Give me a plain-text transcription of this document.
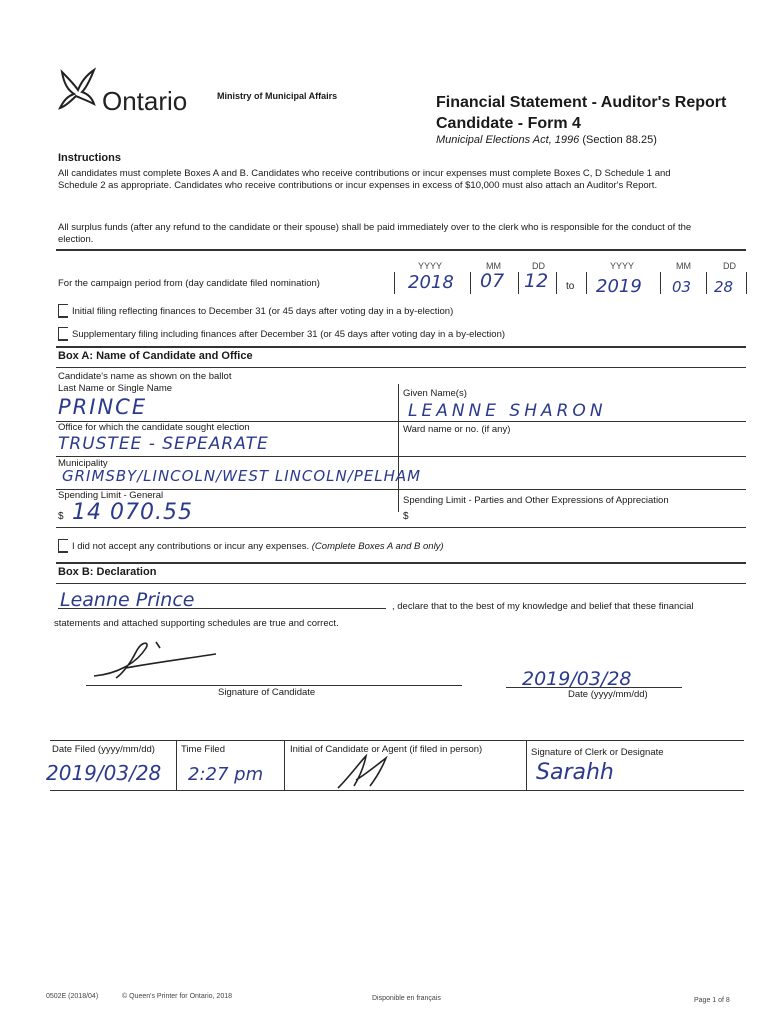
Ontario	Ministry of Municipal Affairs	Financial Statement - Auditor's Report
Candidate - Form 4
Municipal Elections Act, 1996 (Section 88.25)
Instructions
All candidates must complete Boxes A and B. Candidates who receive contributions or incur expenses must complete Boxes C, D Schedule 1 and Schedule 2 as appropriate. Candidates who receive contributions or incur expenses in excess of $10,000 must also attach an Auditor's Report.
All surplus funds (after any refund to the candidate or their spouse) shall be paid immediately over to the clerk who is responsible for the conduct of the election.
For the campaign period from (day candidate filed nomination)
YYYY	MM	DD	YYYY	MM	DD
2018 07 12 to 2019 03 28
Initial filing reflecting finances to December 31 (or 45 days after voting day in a by-election)
Supplementary filing including finances after December 31 (or 45 days after voting day in a by-election)
Box A: Name of Candidate and Office
Candidate's name as shown on the ballot
Last Name or Single Name	Given Name(s)
PRINCE	LEANNE SHARON
Office for which the candidate sought election	Ward name or no. (if any)
TRUSTEE - SEPEARATE
Municipality
GRIMSBY/LINCOLN/WEST LINCOLN/PELHAM
Spending Limit - General	Spending Limit - Parties and Other Expressions of Appreciation
$ 14 070.55	$
I did not accept any contributions or incur any expenses. (Complete Boxes A and B only)
Box B: Declaration
Leanne Prince	, declare that to the best of my knowledge and belief that these financial
statements and attached supporting schedules are true and correct.
Signature of Candidate
2019/03/28
Date (yyyy/mm/dd)
Date Filed (yyyy/mm/dd)
2019/03/28
Time Filed
2:27 pm
Initial of Candidate or Agent (if filed in person)	Signature of Clerk or Designate
Sarahh
0502E (2018/04)	© Queen's Printer for Ontario, 2018	Disponible en français	Page 1 of 8
